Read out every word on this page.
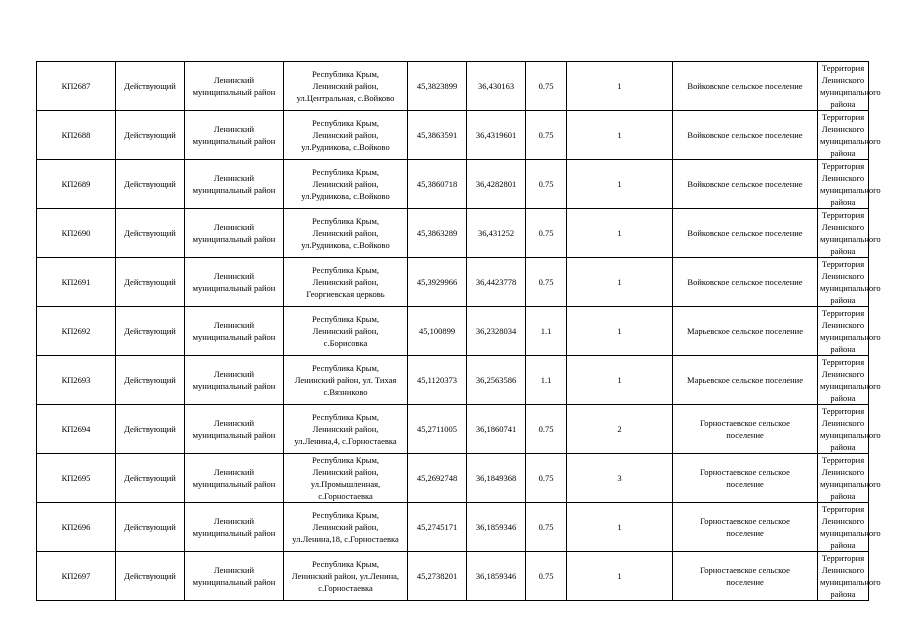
КП2687	Действующий	Ленинский
муниципальный район	Республика Крым,
Ленинский район,
ул.Центральная, с.Войково	45,3823899	36,430163	0.75	1	Войковское сельское поселение	Территория
Ленинского
муниципального
района

КП2688	Действующий	Ленинский
муниципальный район	Республика Крым,
Ленинский район,
ул.Рудникова, с.Войково	45,3863591	36,4319601	0.75	1	Войковское сельское поселение	Территория
Ленинского
муниципального
района

КП2689	Действующий	Ленинский
муниципальный район	Республика Крым,
Ленинский район,
ул.Рудникова, с.Войково	45,3860718	36,4282801	0.75	1	Войковское сельское поселение	Территория
Ленинского
муниципального
района

КП2690	Действующий	Ленинский
муниципальный район	Республика Крым,
Ленинский район,
ул.Рудникова, с.Войково	45,3863289	36,431252	0.75	1	Войковское сельское поселение	Территория
Ленинского
муниципального
района

КП2691	Действующий	Ленинский
муниципальный район	Республика Крым,
Ленинский район,
Георгиевская церковь	45,3929966	36,4423778	0.75	1	Войковское сельское поселение	Территория
Ленинского
муниципального
района

КП2692	Действующий	Ленинский
муниципальный район	Республика Крым,
Ленинский район,
с.Борисовка	45,100899	36,2328034	1.1	1	Марьевское сельское поселение	Территория
Ленинского
муниципального
района

КП2693	Действующий	Ленинский
муниципальный район	Республика Крым,
Ленинский район, ул. Тихая
с.Вязниково	45,1120373	36,2563586	1.1	1	Марьевское сельское поселение	Территория
Ленинского
муниципального
района

КП2694	Действующий	Ленинский
муниципальный район	Республика Крым,
Ленинский район,
ул.Ленина,4, с.Горностаевка	45,2711005	36,1860741	0.75	2	Горностаевское сельское
поселение	Территория
Ленинского
муниципального
района

КП2695	Действующий	Ленинский
муниципальный район	Республика Крым,
Ленинский район,
ул.Промышленная,
с.Горностаевка	45,2692748	36,1849368	0.75	3	Горностаевское сельское
поселение	Территория
Ленинского
муниципального
района

КП2696	Действующий	Ленинский
муниципальный район	Республика Крым,
Ленинский район,
ул.Ленина,18, с.Горностаевка	45,2745171	36,1859346	0.75	1	Горностаевское сельское
поселение	Территория
Ленинского
муниципального
района

КП2697	Действующий	Ленинский
муниципальный район	Республика Крым,
Ленинский район, ул.Ленина,
с.Горностаевка	45,2738201	36,1859346	0.75	1	Горностаевское сельское
поселение	Территория
Ленинского
муниципального
района
